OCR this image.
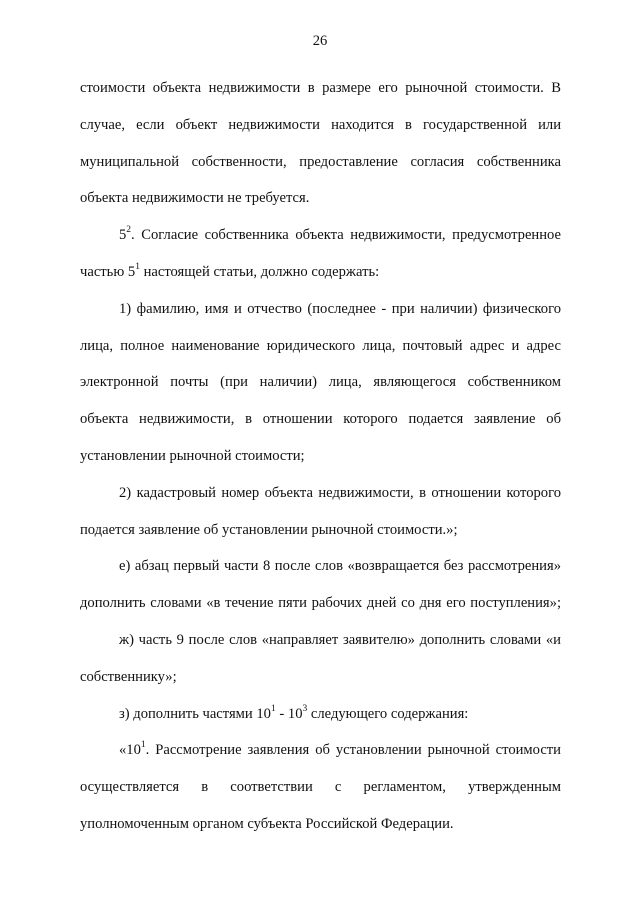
26
стоимости объекта недвижимости в размере его рыночной стоимости. В
случае, если объект недвижимости находится в государственной или
муниципальной собственности, предоставление согласия собственника
объекта недвижимости не требуется.
$5^2$. Согласие собственника объекта недвижимости, предусмотренное
частью $5^1$ настоящей статьи, должно содержать:
1) фамилию, имя и отчество (последнее - при наличии) физического
лица, полное наименование юридического лица, почтовый адрес и адрес
электронной почты (при наличии) лица, являющегося собственником
объекта недвижимости, в отношении которого подается заявление об
установлении рыночной стоимости;
2) кадастровый номер объекта недвижимости, в отношении которого
подается заявление об установлении рыночной стоимости.»;
е) абзац первый части 8 после слов «возвращается без рассмотрения»
дополнить словами «в течение пяти рабочих дней со дня его поступления»;
ж) часть 9 после слов «направляет заявителю» дополнить словами «и
собственнику»;
з) дополнить частями $10^1 - 10^3$ следующего содержания:
«$10^1$. Рассмотрение заявления об установлении рыночной стоимости
осуществляется в соответствии с регламентом, утвержденным
уполномоченным органом субъекта Российской Федерации.
